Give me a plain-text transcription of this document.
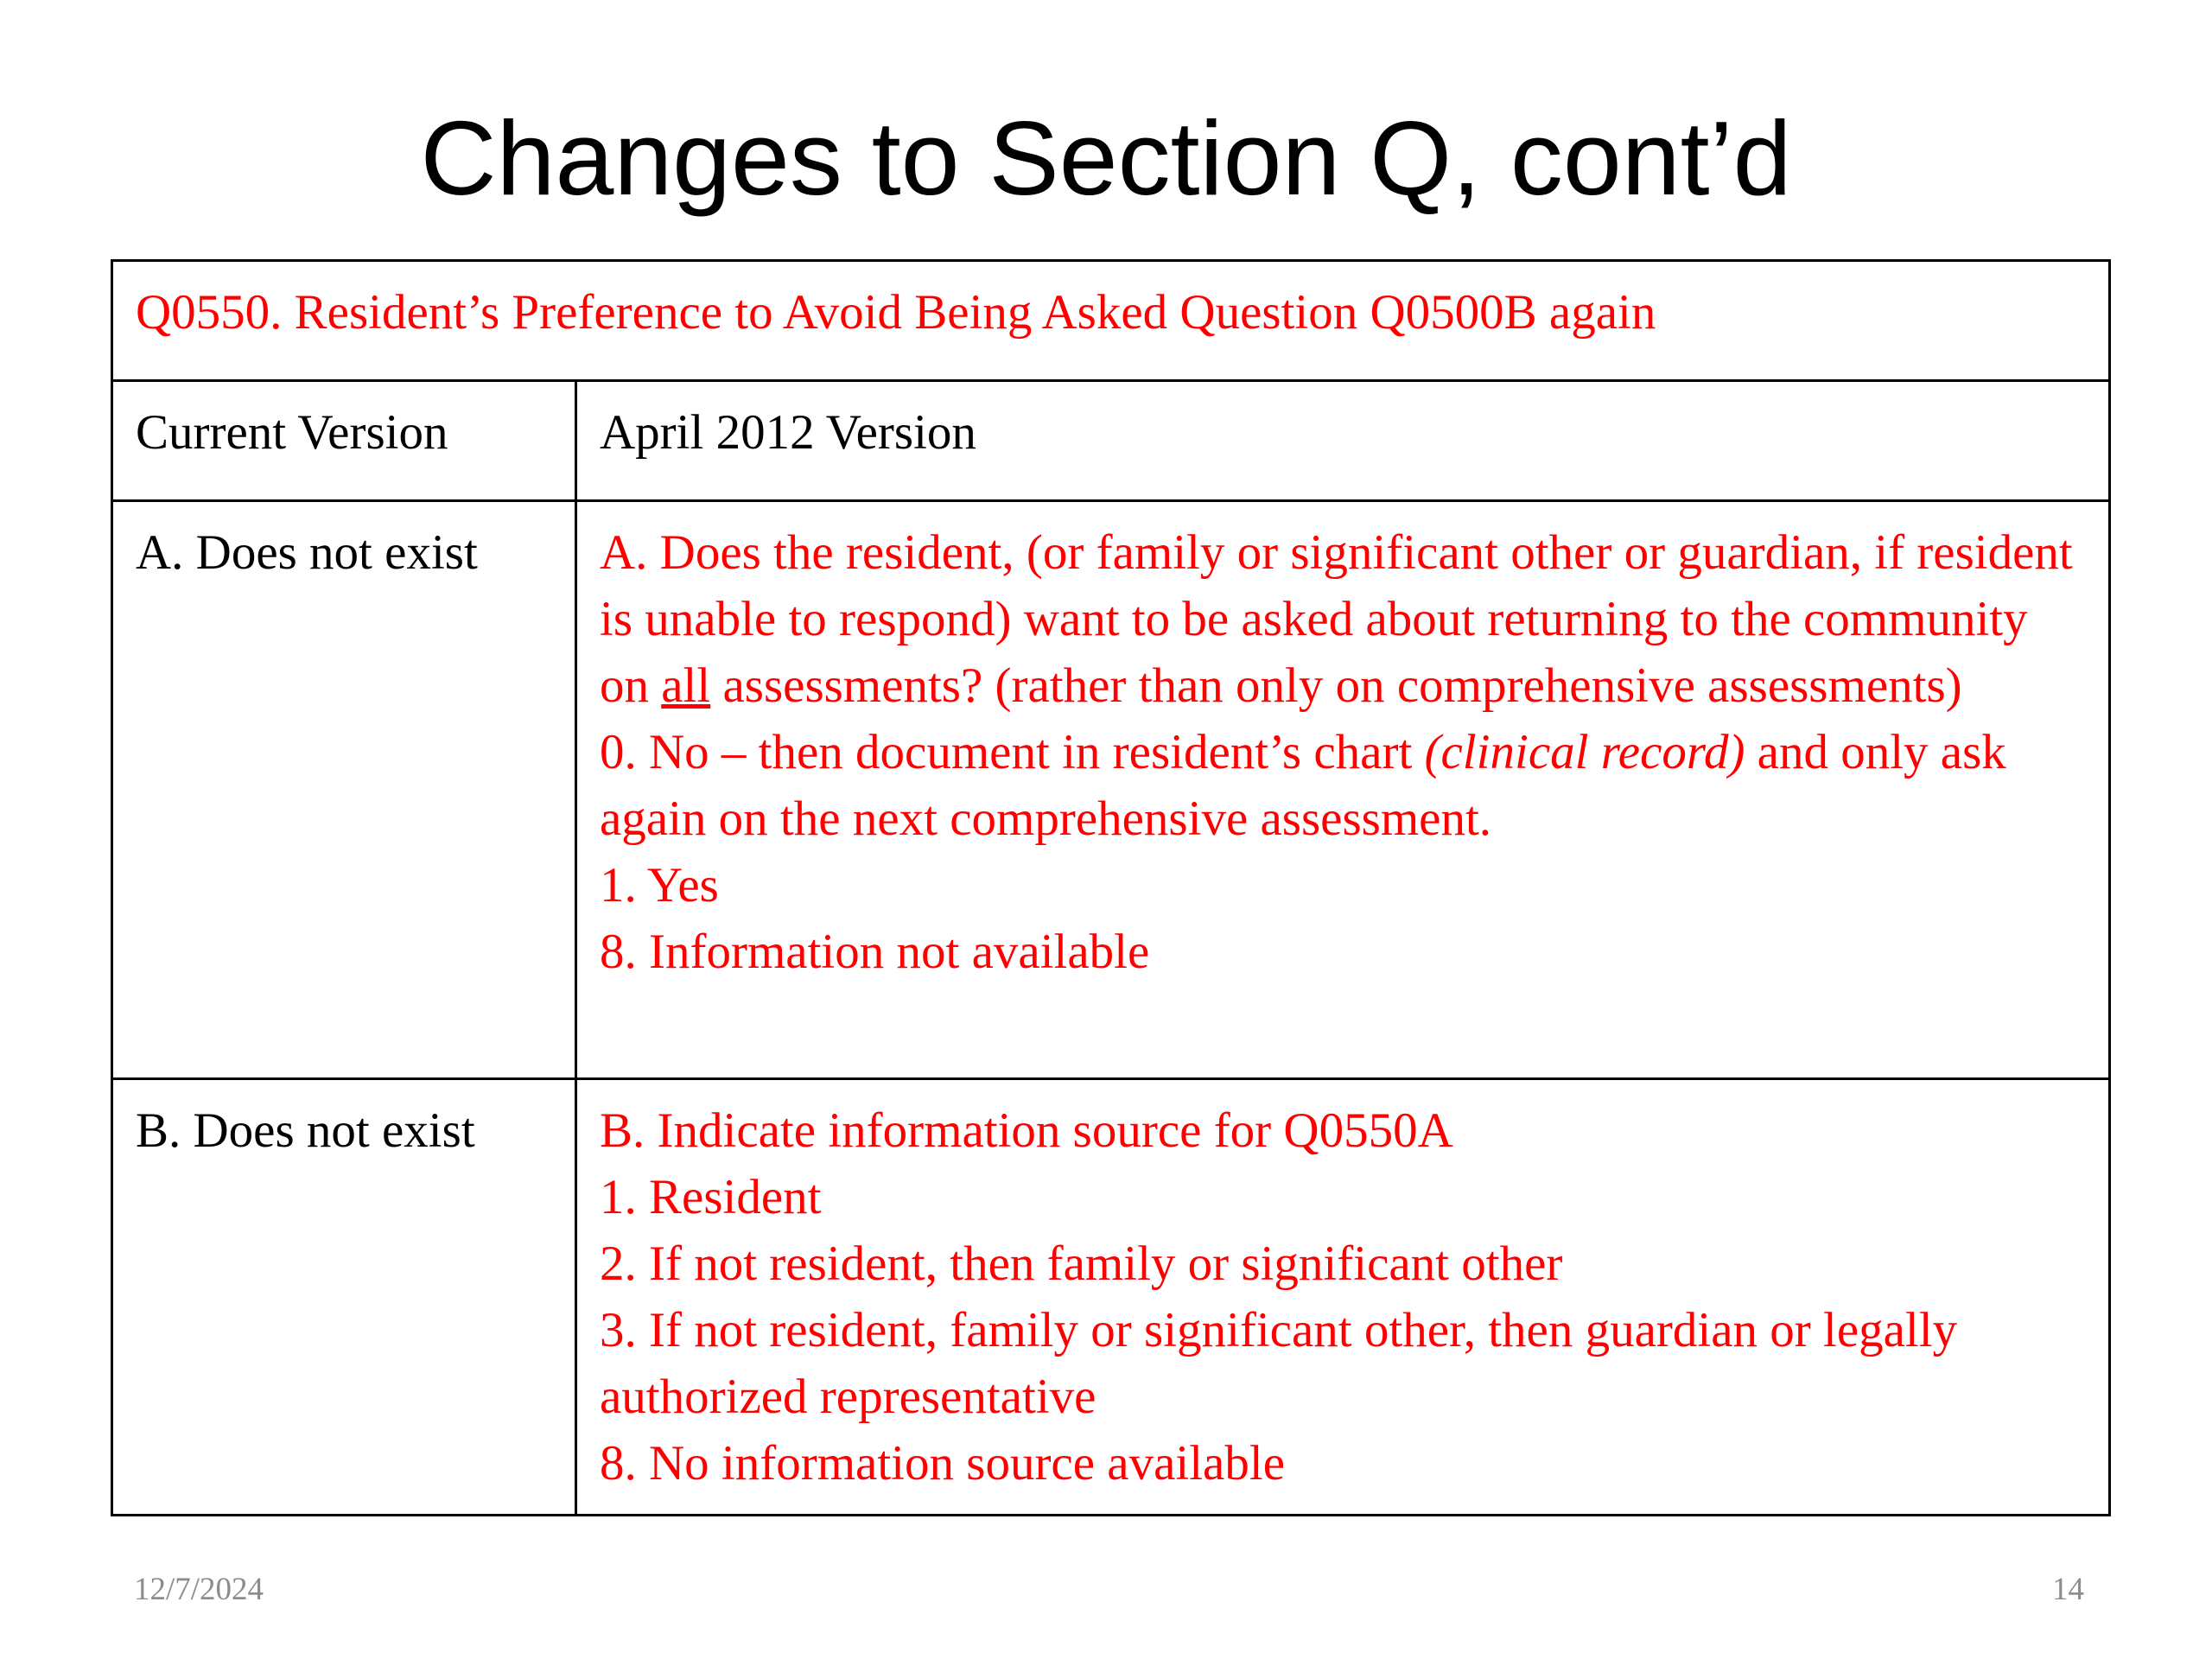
Changes to Section Q, cont’d
Q0550. Resident’s Preference to Avoid Being Asked Question Q0500B again	
Current Version	April 2012 Version
A. Does not exist	A. Does the resident, (or family or significant other or guardian, if resident is unable to respond) want to be asked about returning to the community on all assessments? (rather than only on comprehensive assessments)
0. No – then document in resident’s chart (clinical record) and only ask again on the next comprehensive assessment.
1. Yes
8. Information not available

B. Does not exist	B. Indicate information source for Q0550A
1. Resident
2. If not resident, then family or significant other
3. If not resident, family or significant other, then guardian or legally authorized representative
8. No information source available
12/7/2024	14
